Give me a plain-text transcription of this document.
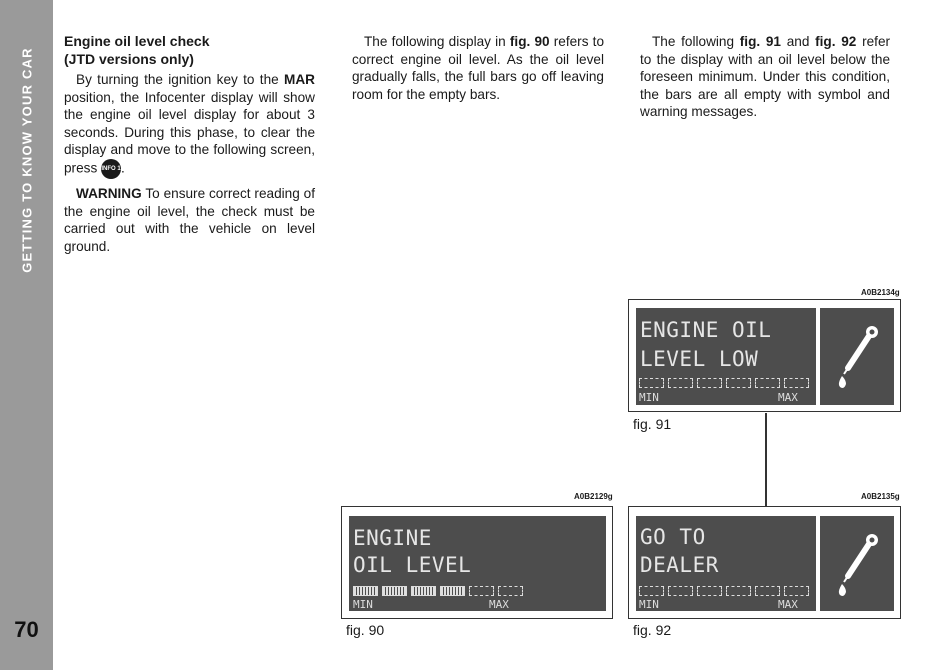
GETTING TO KNOW YOUR CAR
70
Engine oil level check
(JTD versions only)

By turning the ignition key to the MAR position, the Infocenter display will show the engine oil level display for about 3 seconds. During this phase, to clear the display and move to the following screen, press INFO 1.

WARNING To ensure correct reading of the engine oil level, the check must be carried out with the vehicle on level ground.

The following display in fig. 90 refers to correct engine oil level. As the oil level gradually falls, the full bars go off leaving room for the empty bars.

The following fig. 91 and fig. 92 refer to the display with an oil level below the foreseen minimum. Under this condition, the bars are all empty with symbol and warning messages.

A0B2134g
ENGINE OIL
LEVEL LOW
MIN	MAX
fig. 91
A0B2129g
ENGINE
OIL LEVEL
MIN	MAX
fig. 90
A0B2135g
GO TO
DEALER
MIN	MAX
fig. 92
